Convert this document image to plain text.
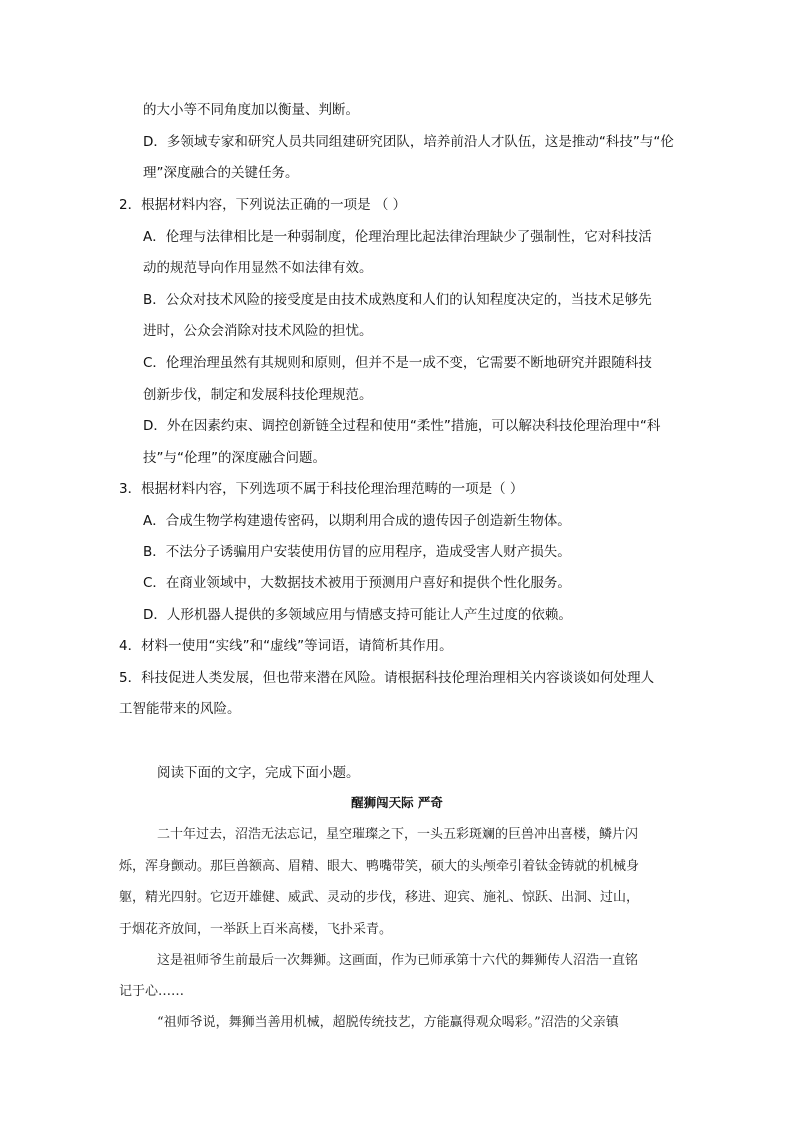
的大小等不同角度加以衡量、判断。
D．多领域专家和研究人员共同组建研究团队，培养前沿人才队伍，这是推动“科技”与“伦
理”深度融合的关键任务。
2．根据材料内容，下列说法正确的一项是 （ ）
A．伦理与法律相比是一种弱制度，伦理治理比起法律治理缺少了强制性，它对科技活
动的规范导向作用显然不如法律有效。
B．公众对技术风险的接受度是由技术成熟度和人们的认知程度决定的，当技术足够先
进时，公众会消除对技术风险的担忧。
C．伦理治理虽然有其规则和原则，但并不是一成不变，它需要不断地研究并跟随科技
创新步伐，制定和发展科技伦理规范。
D．外在因素约束、调控创新链全过程和使用“柔性”措施，可以解决科技伦理治理中“科
技”与“伦理”的深度融合问题。
3．根据材料内容，下列选项不属于科技伦理治理范畴的一项是（ ）
A．合成生物学构建遗传密码，以期利用合成的遗传因子创造新生物体。
B．不法分子诱骗用户安装使用仿冒的应用程序，造成受害人财产损失。
C．在商业领域中，大数据技术被用于预测用户喜好和提供个性化服务。
D．人形机器人提供的多领域应用与情感支持可能让人产生过度的依赖。
4．材料一使用“实线”和“虚线”等词语，请简析其作用。
5．科技促进人类发展，但也带来潜在风险。请根据科技伦理治理相关内容谈谈如何处理人
工智能带来的风险。
阅读下面的文字，完成下面小题。
醒狮闯天际 严奇
二十年过去，沼浩无法忘记，星空璀璨之下，一头五彩斑斓的巨兽冲出喜楼，鳞片闪
烁，浑身颤动。那巨兽额高、眉精、眼大、鸭嘴带笑，硕大的头颅牵引着钛金铸就的机械身
躯，精光四射。它迈开雄健、威武、灵动的步伐，移进、迎宾、施礼、惊跃、出洞、过山，
于烟花齐放间，一举跃上百米高楼，飞扑采青。
这是祖师爷生前最后一次舞狮。这画面，作为已师承第十六代的舞狮传人沼浩一直铭
记于心……
“祖师爷说，舞狮当善用机械，超脱传统技艺，方能赢得观众喝彩。”沼浩的父亲镇
